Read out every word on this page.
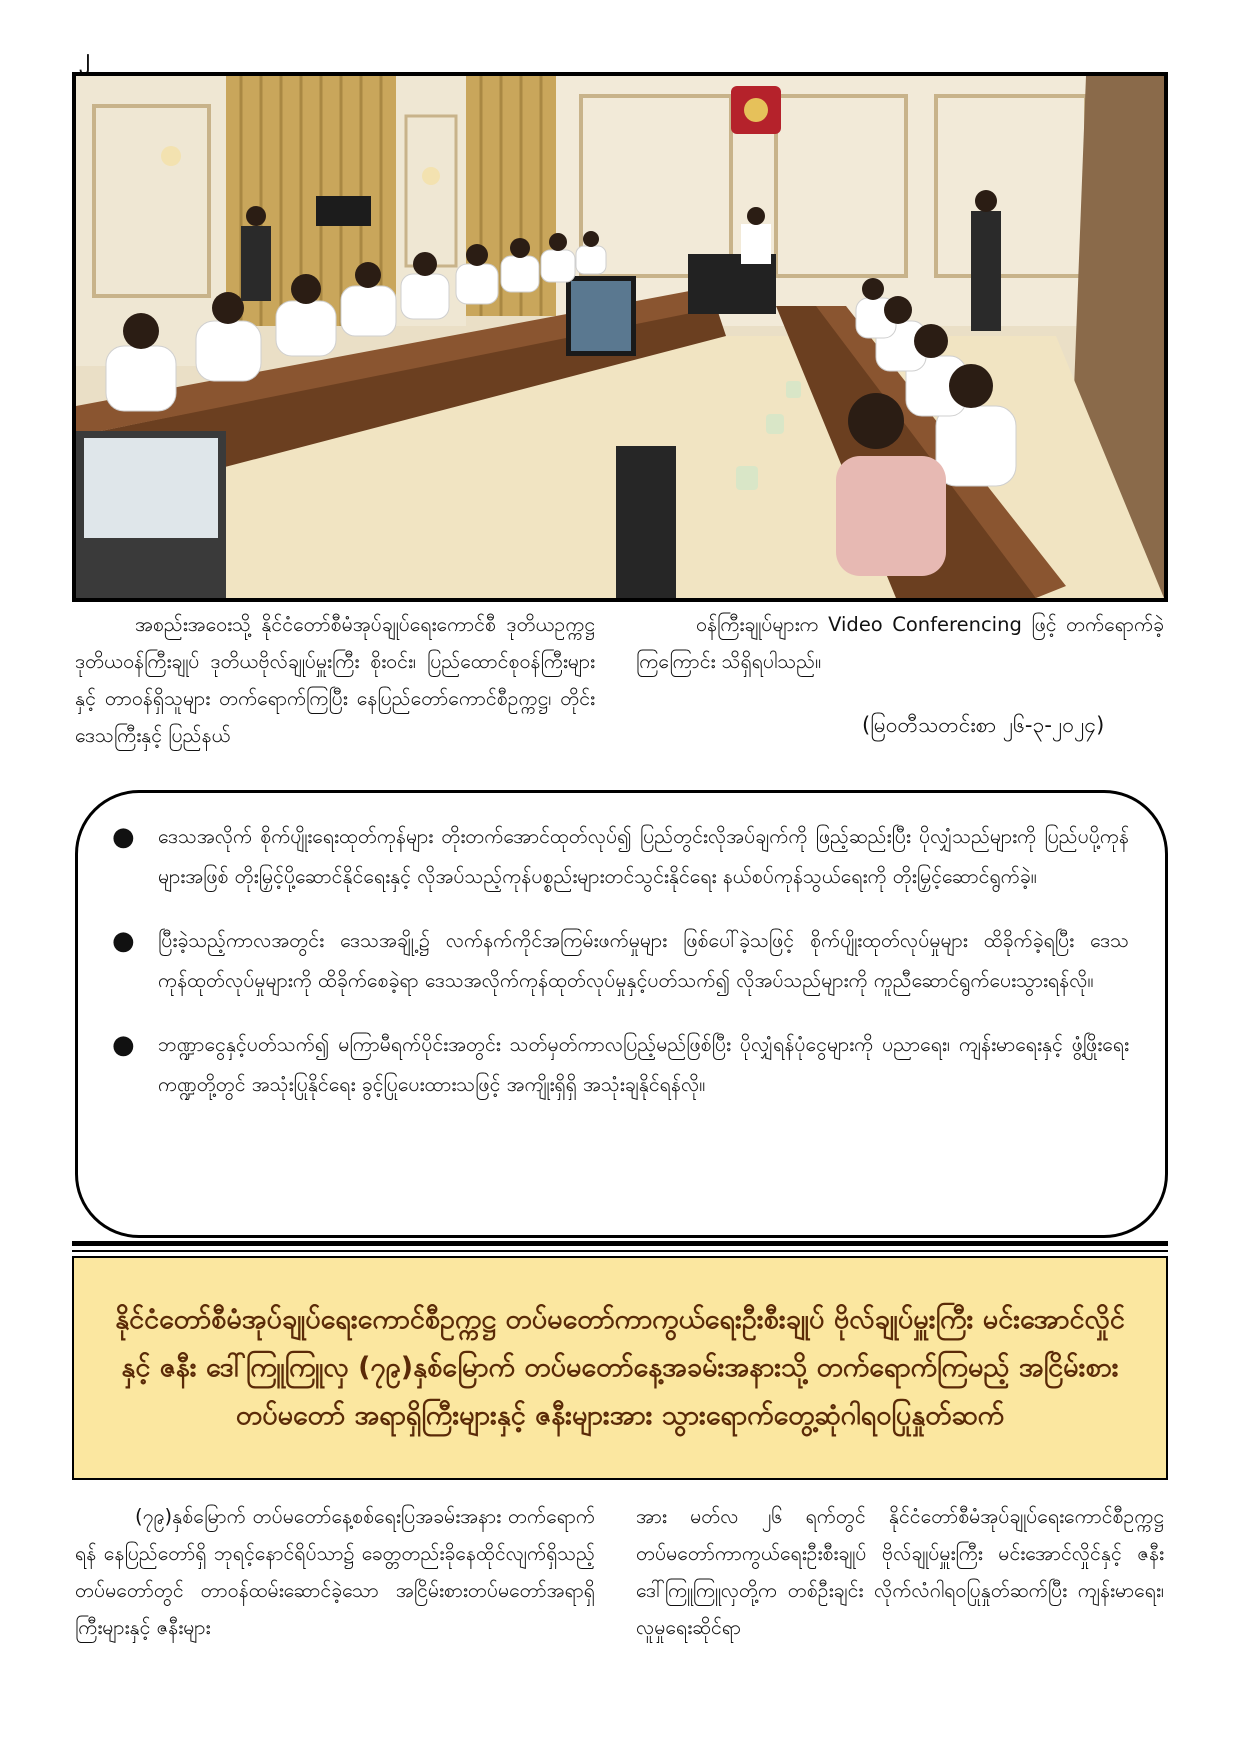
၂

အစည်းအဝေးသို့ နိုင်ငံတော်စီမံအုပ်ချုပ်ရေးကောင်စီ ဒုတိယဥက္ကဋ္ဌ ဒုတိယဝန်ကြီးချုပ် ဒုတိယဗိုလ်ချုပ်မှူးကြီး စိုးဝင်း၊ ပြည်ထောင်စုဝန်ကြီးများနှင့် တာဝန်ရှိသူများ တက်ရောက်ကြပြီး နေပြည်တော်ကောင်စီဥက္ကဋ္ဌ၊ တိုင်းဒေသကြီးနှင့် ပြည်နယ်

ဝန်ကြီးချုပ်များက Video Conferencing ဖြင့် တက်ရောက်ခဲ့ကြကြောင်း သိရှိရပါသည်။

(မြဝတီသတင်းစာ ၂၆-၃-၂၀၂၄)
● ဒေသအလိုက် စိုက်ပျိုးရေးထုတ်ကုန်များ တိုးတက်အောင်ထုတ်လုပ်၍ ပြည်တွင်းလိုအပ်ချက်ကို ဖြည့်ဆည်းပြီး ပိုလျှံသည်များကို ပြည်ပပို့ကုန်များအဖြစ် တိုးမြှင့်ပို့ဆောင်နိုင်ရေးနှင့် လိုအပ်သည့်ကုန်ပစ္စည်းများတင်သွင်းနိုင်ရေး နယ်စပ်ကုန်သွယ်ရေးကို တိုးမြှင့်ဆောင်ရွက်ခဲ့။
● ပြီးခဲ့သည့်ကာလအတွင်း ဒေသအချို့၌ လက်နက်ကိုင်အကြမ်းဖက်မှုများ ဖြစ်ပေါ်ခဲ့သဖြင့် စိုက်ပျိုးထုတ်လုပ်မှုများ ထိခိုက်ခဲ့ရပြီး ဒေသကုန်ထုတ်လုပ်မှုများကို ထိခိုက်စေခဲ့ရာ ဒေသအလိုက်ကုန်ထုတ်လုပ်မှုနှင့်ပတ်သက်၍ လိုအပ်သည်များကို ကူညီဆောင်ရွက်ပေးသွားရန်လို။
● ဘဏ္ဍာငွေနှင့်ပတ်သက်၍ မကြာမီရက်ပိုင်းအတွင်း သတ်မှတ်ကာလပြည့်မည်ဖြစ်ပြီး ပိုလျှံရန်ပုံငွေများကို ပညာရေး၊ ကျန်းမာရေးနှင့် ဖွံ့ဖြိုးရေးကဏ္ဍတို့တွင် အသုံးပြုနိုင်ရေး ခွင့်ပြုပေးထားသဖြင့် အကျိုးရှိရှိ အသုံးချနိုင်ရန်လို။
နိုင်ငံတော်စီမံအုပ်ချုပ်ရေးကောင်စီဥက္ကဋ္ဌ တပ်မတော်ကာကွယ်ရေးဦးစီးချုပ် ဗိုလ်ချုပ်မှူးကြီး မင်းအောင်လှိုင်နှင့် ဇနီး ဒေါ်ကြူကြူလှ (၇၉)နှစ်မြောက် တပ်မတော်နေ့အခမ်းအနားသို့ တက်ရောက်ကြမည့် အငြိမ်းစားတပ်မတော် အရာရှိကြီးများနှင့် ဇနီးများအား သွားရောက်တွေ့ဆုံဂါရဝပြုနှုတ်ဆက်

(၇၉)နှစ်မြောက် တပ်မတော်နေ့စစ်ရေးပြအခမ်းအနား တက်ရောက်ရန် နေပြည်တော်ရှိ ဘုရင့်နောင်ရိပ်သာ၌ ခေတ္တတည်းခိုနေထိုင်လျက်ရှိသည့် တပ်မတော်တွင် တာဝန်ထမ်းဆောင်ခဲ့သော အငြိမ်းစားတပ်မတော်အရာရှိကြီးများနှင့် ဇနီးများ

အား မတ်လ ၂၆ ရက်တွင် နိုင်ငံတော်စီမံအုပ်ချုပ်ရေးကောင်စီဥက္ကဋ္ဌ တပ်မတော်ကာကွယ်ရေးဦးစီးချုပ် ဗိုလ်ချုပ်မှူးကြီး မင်းအောင်လှိုင်နှင့် ဇနီး ဒေါ်ကြူကြူလှတို့က တစ်ဦးချင်း လိုက်လံဂါရဝပြုနှုတ်ဆက်ပြီး ကျန်းမာရေး၊ လူမှုရေးဆိုင်ရာ
